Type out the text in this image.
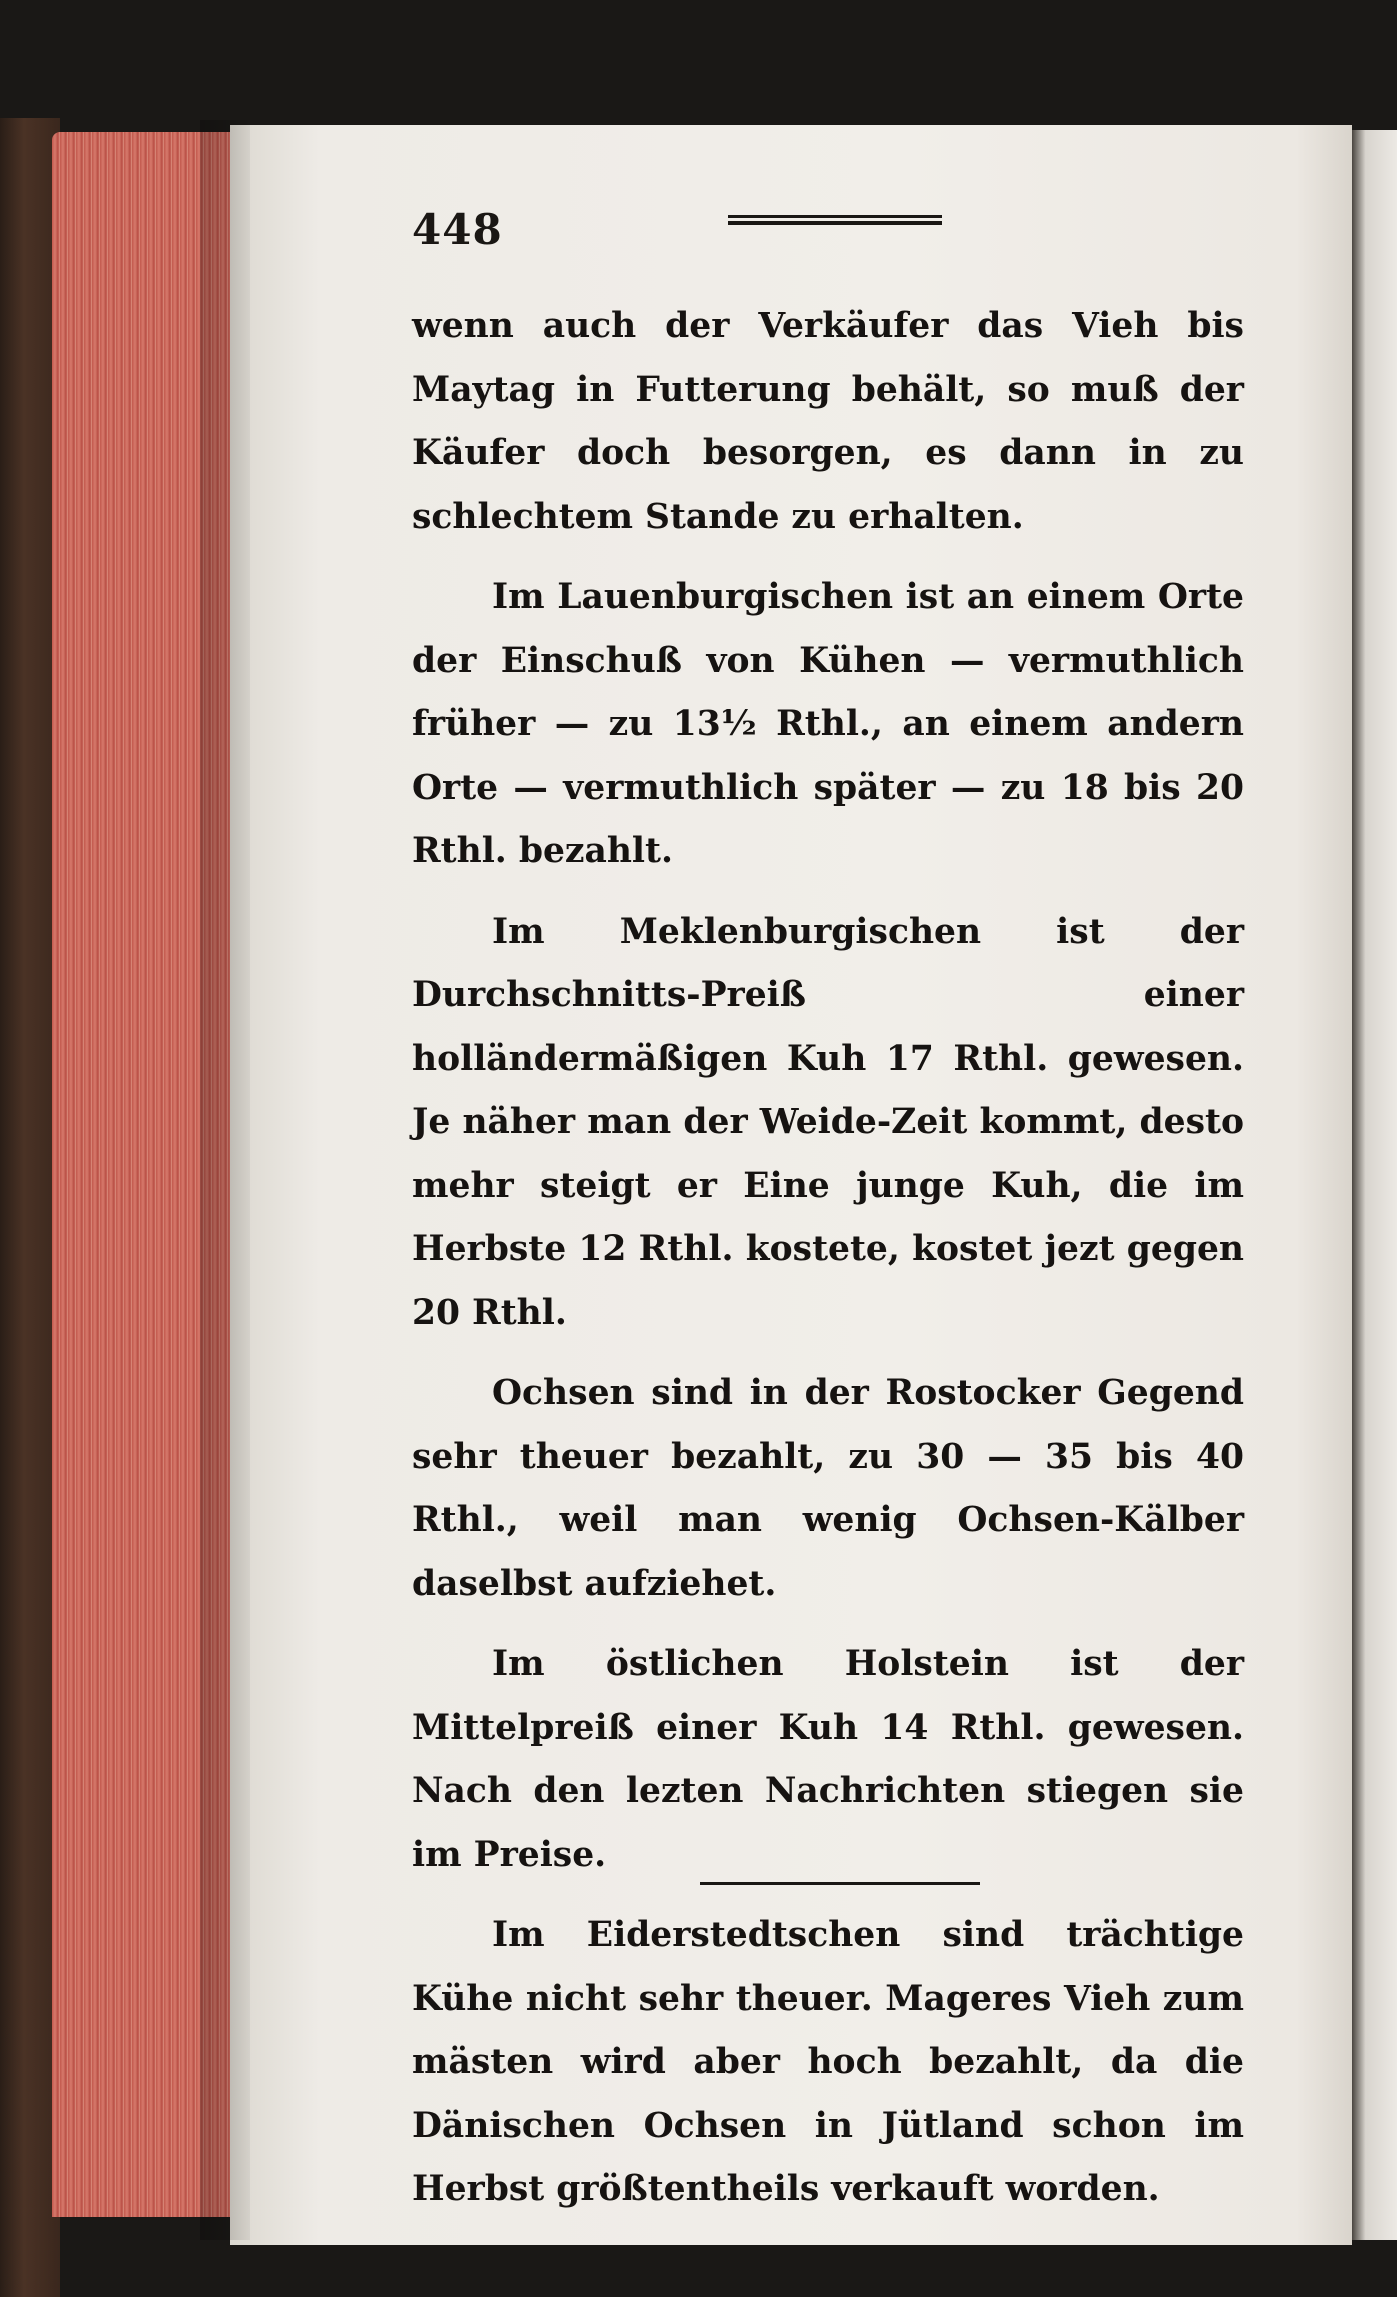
448

wenn auch der Verkäufer das Vieh bis Maytag in Futterung behält, so muß der Käufer doch besorgen, es dann in zu schlechtem Stande zu erhalten.

Im Lauenburgischen ist an einem Orte der Einschuß von Kühen — vermuthlich früher — zu 13½ Rthl., an einem andern Orte — vermuthlich später — zu 18 bis 20 Rthl. bezahlt.

Im Meklenburgischen ist der Durchschnitts-Preiß einer holländermäßigen Kuh 17 Rthl. gewesen. Je näher man der Weide-Zeit kommt, desto mehr steigt er Eine junge Kuh, die im Herbste 12 Rthl. kostete, kostet jezt gegen 20 Rthl.

Ochsen sind in der Rostocker Gegend sehr theuer bezahlt, zu 30 — 35 bis 40 Rthl., weil man wenig Ochsen-Kälber daselbst aufziehet.

Im östlichen Holstein ist der Mittelpreiß einer Kuh 14 Rthl. gewesen. Nach den lezten Nachrichten stiegen sie im Preise.

Im Eiderstedtschen sind trächtige Kühe nicht sehr theuer. Mageres Vieh zum mästen wird aber hoch bezahlt, da die Dänischen Ochsen in Jütland schon im Herbst größtentheils verkauft worden.
